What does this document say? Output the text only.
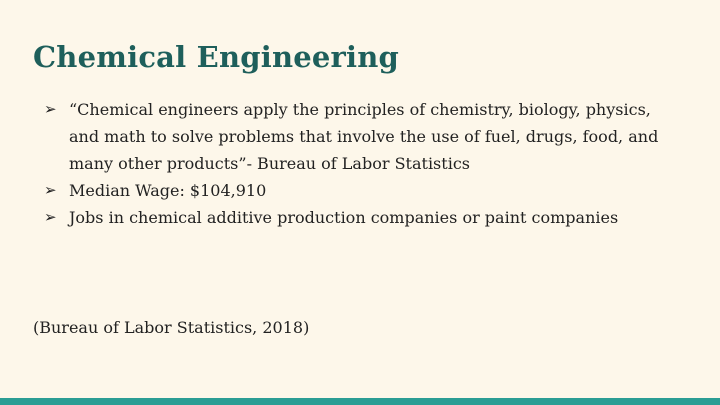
Chemical Engineering
➢ “Chemical engineers apply the principles of chemistry, biology, physics, and math to solve problems that involve the use of fuel, drugs, food, and many other products”- Bureau of Labor Statistics
➢ Median Wage: $104,910
➢ Jobs in chemical additive production companies or paint companies
(Bureau of Labor Statistics, 2018)
